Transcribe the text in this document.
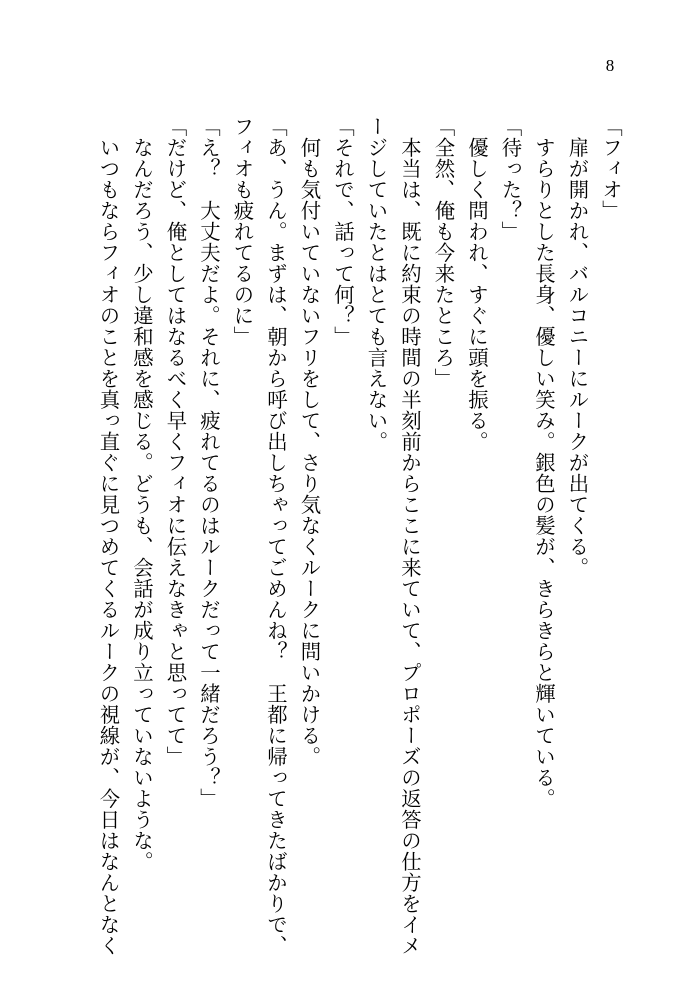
8
「フィオ」
　扉が開かれ、バルコニーにルークが出てくる。
　すらりとした長身、優しい笑み。銀色の髪が、きらきらと輝いている。
「待った？」
　優しく問われ、すぐに頭を振る。
「全然、俺も今来たところ」
　本当は、既に約束の時間の半刻前からここに来ていて、プロポーズの返答の仕方をイメ
ージしていたとはとても言えない。
「それで、話って何？」
　何も気付いていないフリをして、さり気なくルークに問いかける。
「あ、うん。まずは、朝から呼び出しちゃってごめんね？　王都に帰ってきたばかりで、
フィオも疲れてるのに」
「え？　大丈夫だよ。それに、疲れてるのはルークだって一緒だろう？」
「だけど、俺としてはなるべく早くフィオに伝えなきゃと思ってて」
　なんだろう、少し違和感を感じる。どうも、会話が成り立っていないような。
　いつもならフィオのことを真っ直ぐに見つめてくるルークの視線が、今日はなんとなく
